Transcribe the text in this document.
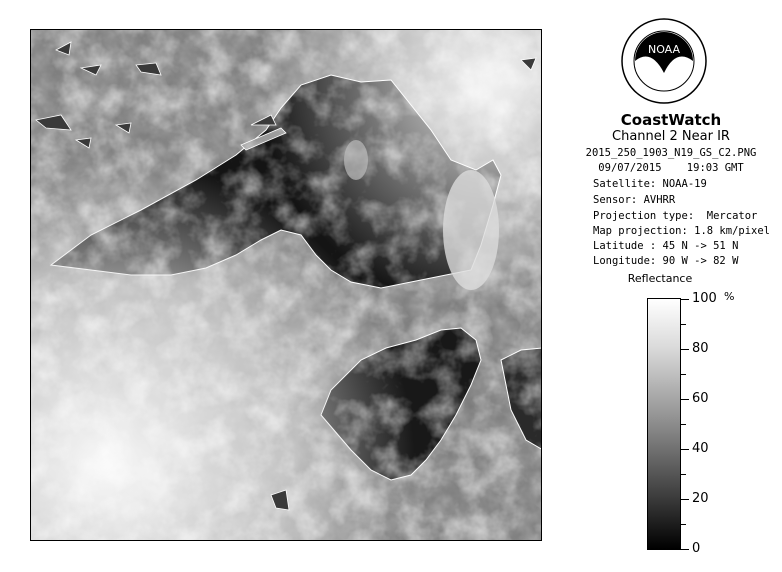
NOAA
CoastWatch
Channel 2 Near IR
2015_250_1903_N19_GS_C2.PNG
09/07/2015    19:03 GMT
Satellite: NOAA-19
Sensor: AVHRR
Projection type:  Mercator
Map projection: 1.8 km/pixel
Latitude : 45 N -> 51 N
Longitude: 90 W -> 82 W
Reflectance
%
100
80
60
40
20
0
